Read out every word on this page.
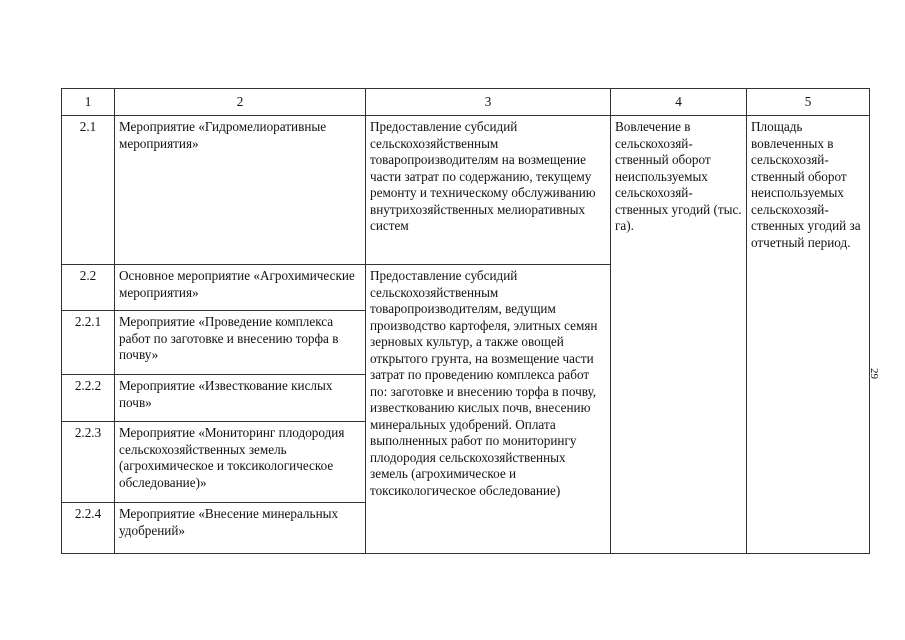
1	2	3	4	5
2.1	Мероприятие «Гидромелиоративные мероприятия»	Предоставление субсидий сельскохозяйственным товаропроизводителям на возмещение части затрат по содержанию, текущему ремонту и техническому обслуживанию внутрихозяйственных мелиоративных систем	Вовлечение в сельскохозяй-ственный оборот неиспользуемых сельскохозяй-ственных угодий (тыс. га).	Площадь вовлеченных в сельскохозяй-ственный оборот неиспользуемых сельскохозяй-ственных угодий за отчетный период.
2.2	Основное мероприятие «Агрохимические мероприятия»	Предоставление субсидий сельскохозяйственным товаропроизводителям, ведущим производство картофеля, элитных семян зерновых культур, а также овощей открытого грунта, на возмещение части затрат по проведению комплекса работ по: заготовке и внесению торфа в почву, известкованию кислых почв, внесению минеральных удобрений. Оплата выполненных работ по мониторингу плодородия сельскохозяйственных земель (агрохимическое и токсикологическое обследование)		
2.2.1	Мероприятие «Проведение комплекса работ по заготовке и внесению торфа в почву»			
2.2.2	Мероприятие «Известкование кислых почв»			
2.2.3	Мероприятие «Мониторинг плодородия сельскохозяйственных земель (агрохимическое и токсикологическое обследование)»			
2.2.4	Мероприятие «Внесение минеральных удобрений»			
29
